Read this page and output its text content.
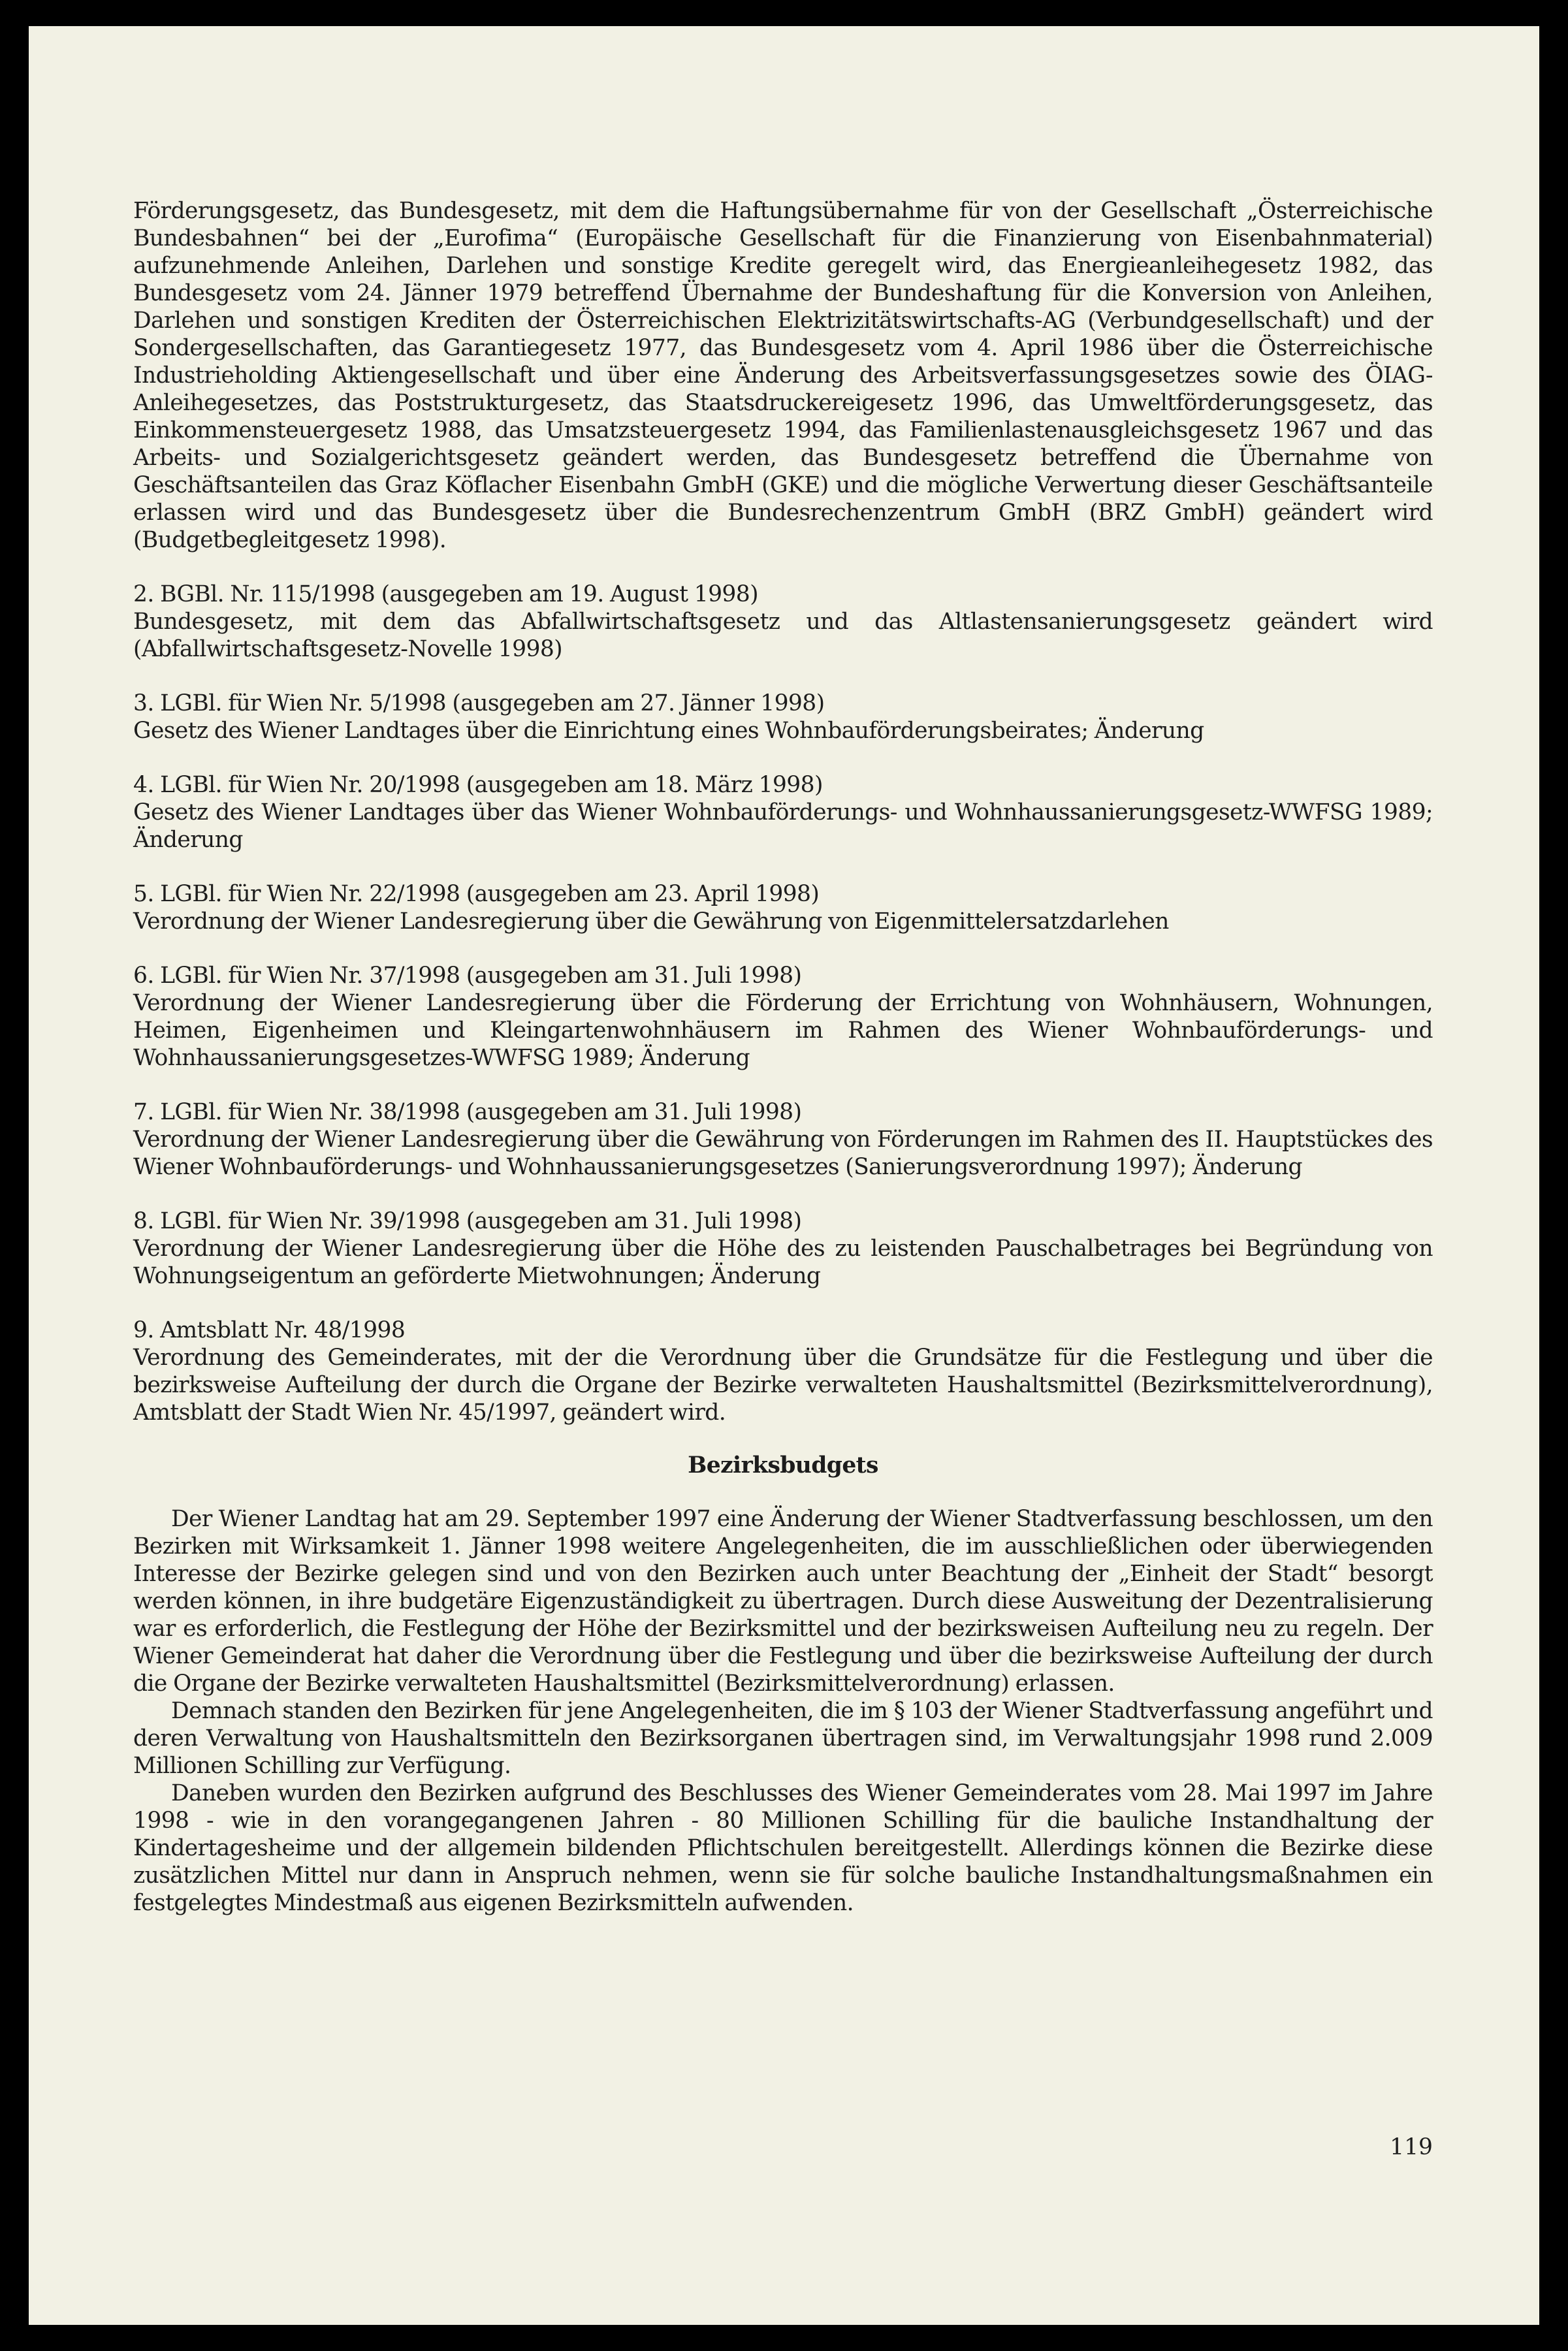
Förderungsgesetz, das Bundesgesetz, mit dem die Haftungsübernahme für von der Gesellschaft „Österreichische Bundesbahnen“ bei der „Eurofima“ (Europäische Gesellschaft für die Finanzierung von Eisenbahnmaterial) aufzunehmende Anleihen, Darlehen und sonstige Kredite geregelt wird, das Energieanleihegesetz 1982, das Bundesgesetz vom 24. Jänner 1979 betreffend Übernahme der Bundeshaftung für die Konversion von Anleihen, Darlehen und sonstigen Krediten der Österreichischen Elektrizitätswirtschafts-AG (Verbundgesellschaft) und der Sondergesellschaften, das Garantiegesetz 1977, das Bundesgesetz vom 4. April 1986 über die Österreichische Industrieholding Aktiengesellschaft und über eine Änderung des Arbeitsverfassungsgesetzes sowie des ÖIAG-Anleihegesetzes, das Poststrukturgesetz, das Staatsdruckereigesetz 1996, das Umweltförderungsgesetz, das Einkommensteuergesetz 1988, das Umsatzsteuergesetz 1994, das Familienlastenausgleichsgesetz 1967 und das Arbeits- und Sozialgerichtsgesetz geändert werden, das Bundesgesetz betreffend die Übernahme von Geschäftsanteilen das Graz Köflacher Eisenbahn GmbH (GKE) und die mögliche Verwertung dieser Geschäftsanteile erlassen wird und das Bundesgesetz über die Bundesrechenzentrum GmbH (BRZ GmbH) geändert wird (Budgetbegleitgesetz 1998).

2. BGBl. Nr. 115/1998 (ausgegeben am 19. August 1998)

Bundesgesetz, mit dem das Abfallwirtschaftsgesetz und das Altlastensanierungsgesetz geändert wird (Abfallwirtschaftsgesetz-Novelle 1998)

3. LGBl. für Wien Nr. 5/1998 (ausgegeben am 27. Jänner 1998)

Gesetz des Wiener Landtages über die Einrichtung eines Wohnbauförderungsbeirates; Änderung

4. LGBl. für Wien Nr. 20/1998 (ausgegeben am 18. März 1998)

Gesetz des Wiener Landtages über das Wiener Wohnbauförderungs- und Wohnhaussanierungsgesetz-WWFSG 1989; Änderung

5. LGBl. für Wien Nr. 22/1998 (ausgegeben am 23. April 1998)

Verordnung der Wiener Landesregierung über die Gewährung von Eigenmittelersatzdarlehen

6. LGBl. für Wien Nr. 37/1998 (ausgegeben am 31. Juli 1998)

Verordnung der Wiener Landesregierung über die Förderung der Errichtung von Wohnhäusern, Wohnungen, Heimen, Eigenheimen und Kleingartenwohnhäusern im Rahmen des Wiener Wohnbauförderungs- und Wohnhaussanierungsgesetzes-WWFSG 1989; Änderung

7. LGBl. für Wien Nr. 38/1998 (ausgegeben am 31. Juli 1998)

Verordnung der Wiener Landesregierung über die Gewährung von Förderungen im Rahmen des II. Hauptstückes des Wiener Wohnbauförderungs- und Wohnhaussanierungsgesetzes (Sanierungsverordnung 1997); Änderung

8. LGBl. für Wien Nr. 39/1998 (ausgegeben am 31. Juli 1998)

Verordnung der Wiener Landesregierung über die Höhe des zu leistenden Pauschalbetrages bei Begründung von Wohnungseigentum an geförderte Mietwohnungen; Änderung

9. Amtsblatt Nr. 48/1998

Verordnung des Gemeinderates, mit der die Verordnung über die Grundsätze für die Festlegung und über die bezirksweise Aufteilung der durch die Organe der Bezirke verwalteten Haushaltsmittel (Bezirksmittelverordnung), Amtsblatt der Stadt Wien Nr. 45/1997, geändert wird.

Bezirksbudgets

Der Wiener Landtag hat am 29. September 1997 eine Änderung der Wiener Stadtverfassung beschlossen, um den Bezirken mit Wirksamkeit 1. Jänner 1998 weitere Angelegenheiten, die im ausschließlichen oder überwiegenden Interesse der Bezirke gelegen sind und von den Bezirken auch unter Beachtung der „Einheit der Stadt“ besorgt werden können, in ihre budgetäre Eigenzuständigkeit zu übertragen. Durch diese Ausweitung der Dezentralisierung war es erforderlich, die Festlegung der Höhe der Bezirksmittel und der bezirksweisen Aufteilung neu zu regeln. Der Wiener Gemeinderat hat daher die Verordnung über die Festlegung und über die bezirksweise Aufteilung der durch die Organe der Bezirke verwalteten Haushaltsmittel (Bezirksmittelverordnung) erlassen.

Demnach standen den Bezirken für jene Angelegenheiten, die im § 103 der Wiener Stadtverfassung angeführt und deren Verwaltung von Haushaltsmitteln den Bezirksorganen übertragen sind, im Verwaltungsjahr 1998 rund 2.009 Millionen Schilling zur Verfügung.

Daneben wurden den Bezirken aufgrund des Beschlusses des Wiener Gemeinderates vom 28. Mai 1997 im Jahre 1998 - wie in den vorangegangenen Jahren - 80 Millionen Schilling für die bauliche Instandhaltung der Kindertagesheime und der allgemein bildenden Pflichtschulen bereitgestellt. Allerdings können die Bezirke diese zusätzlichen Mittel nur dann in Anspruch nehmen, wenn sie für solche bauliche Instandhaltungsmaßnahmen ein festgelegtes Mindestmaß aus eigenen Bezirksmitteln aufwenden.

119
